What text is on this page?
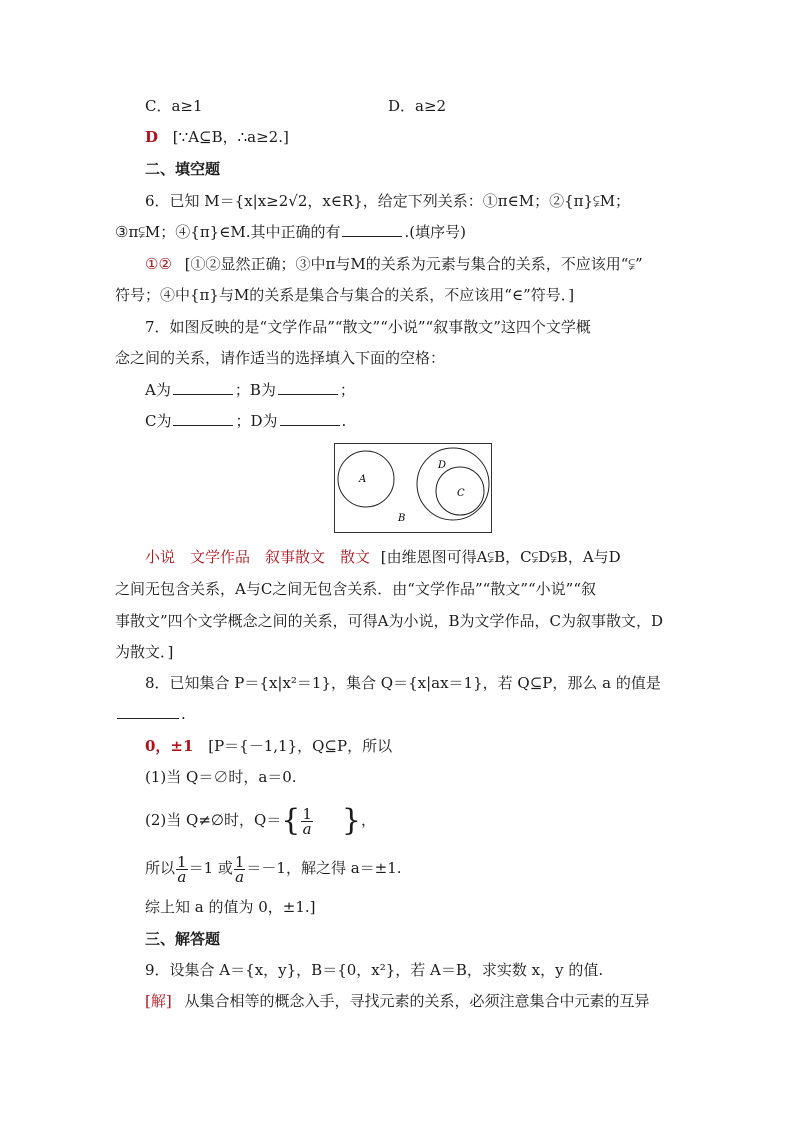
C．a≥1	D．a≥2
D [∵A⊆B，∴a≥2.]
二、填空题
6．已知 M＝{x|x≥2√2，x∈R}，给定下列关系：①π∈M；②{π}⫋M；
③π⫋M；④{π}∈M.其中正确的有	.(填序号)
①② [①②显然正确；③中π与M的关系为元素与集合的关系，不应该用“⫋”
符号；④中{π}与M的关系是集合与集合的关系，不应该用“∈”符号．]
7．如图反映的是“文学作品”“散文”“小说”“叙事散文”这四个文学概
念之间的关系，请作适当的选择填入下面的空格：
A为	；B为	；
C为	；D为	.
A
D
C
B
小说　文学作品　叙事散文　散文 [由维恩图可得A⫋B，C⫋D⫋B，A与D
之间无包含关系，A与C之间无包含关系．由“文学作品”“散文”“小说”“叙
事散文”四个文学概念之间的关系，可得A为小说，B为文学作品，C为叙事散文，D
为散文．]
8．已知集合 P＝{x|x²＝1}，集合 Q＝{x|ax＝1}，若 Q⊆P，那么 a 的值是
.
0，±1 [P＝{－1,1}，Q⊆P，所以
(1)当 Q＝∅时，a＝0.
(2)当 Q≠∅时，$Q=\{ \frac{1}{a}$ }，
所以 $\frac{1}{a} =1$ 或 $\frac{1}{a} =-1$，解之得 a＝±1.
综上知 a 的值为 0，±1.]
三、解答题
9．设集合 A＝{x，y}，B＝{0，x²}，若 A＝B，求实数 x，y 的值.
[解] 从集合相等的概念入手，寻找元素的关系，必须注意集合中元素的互异
